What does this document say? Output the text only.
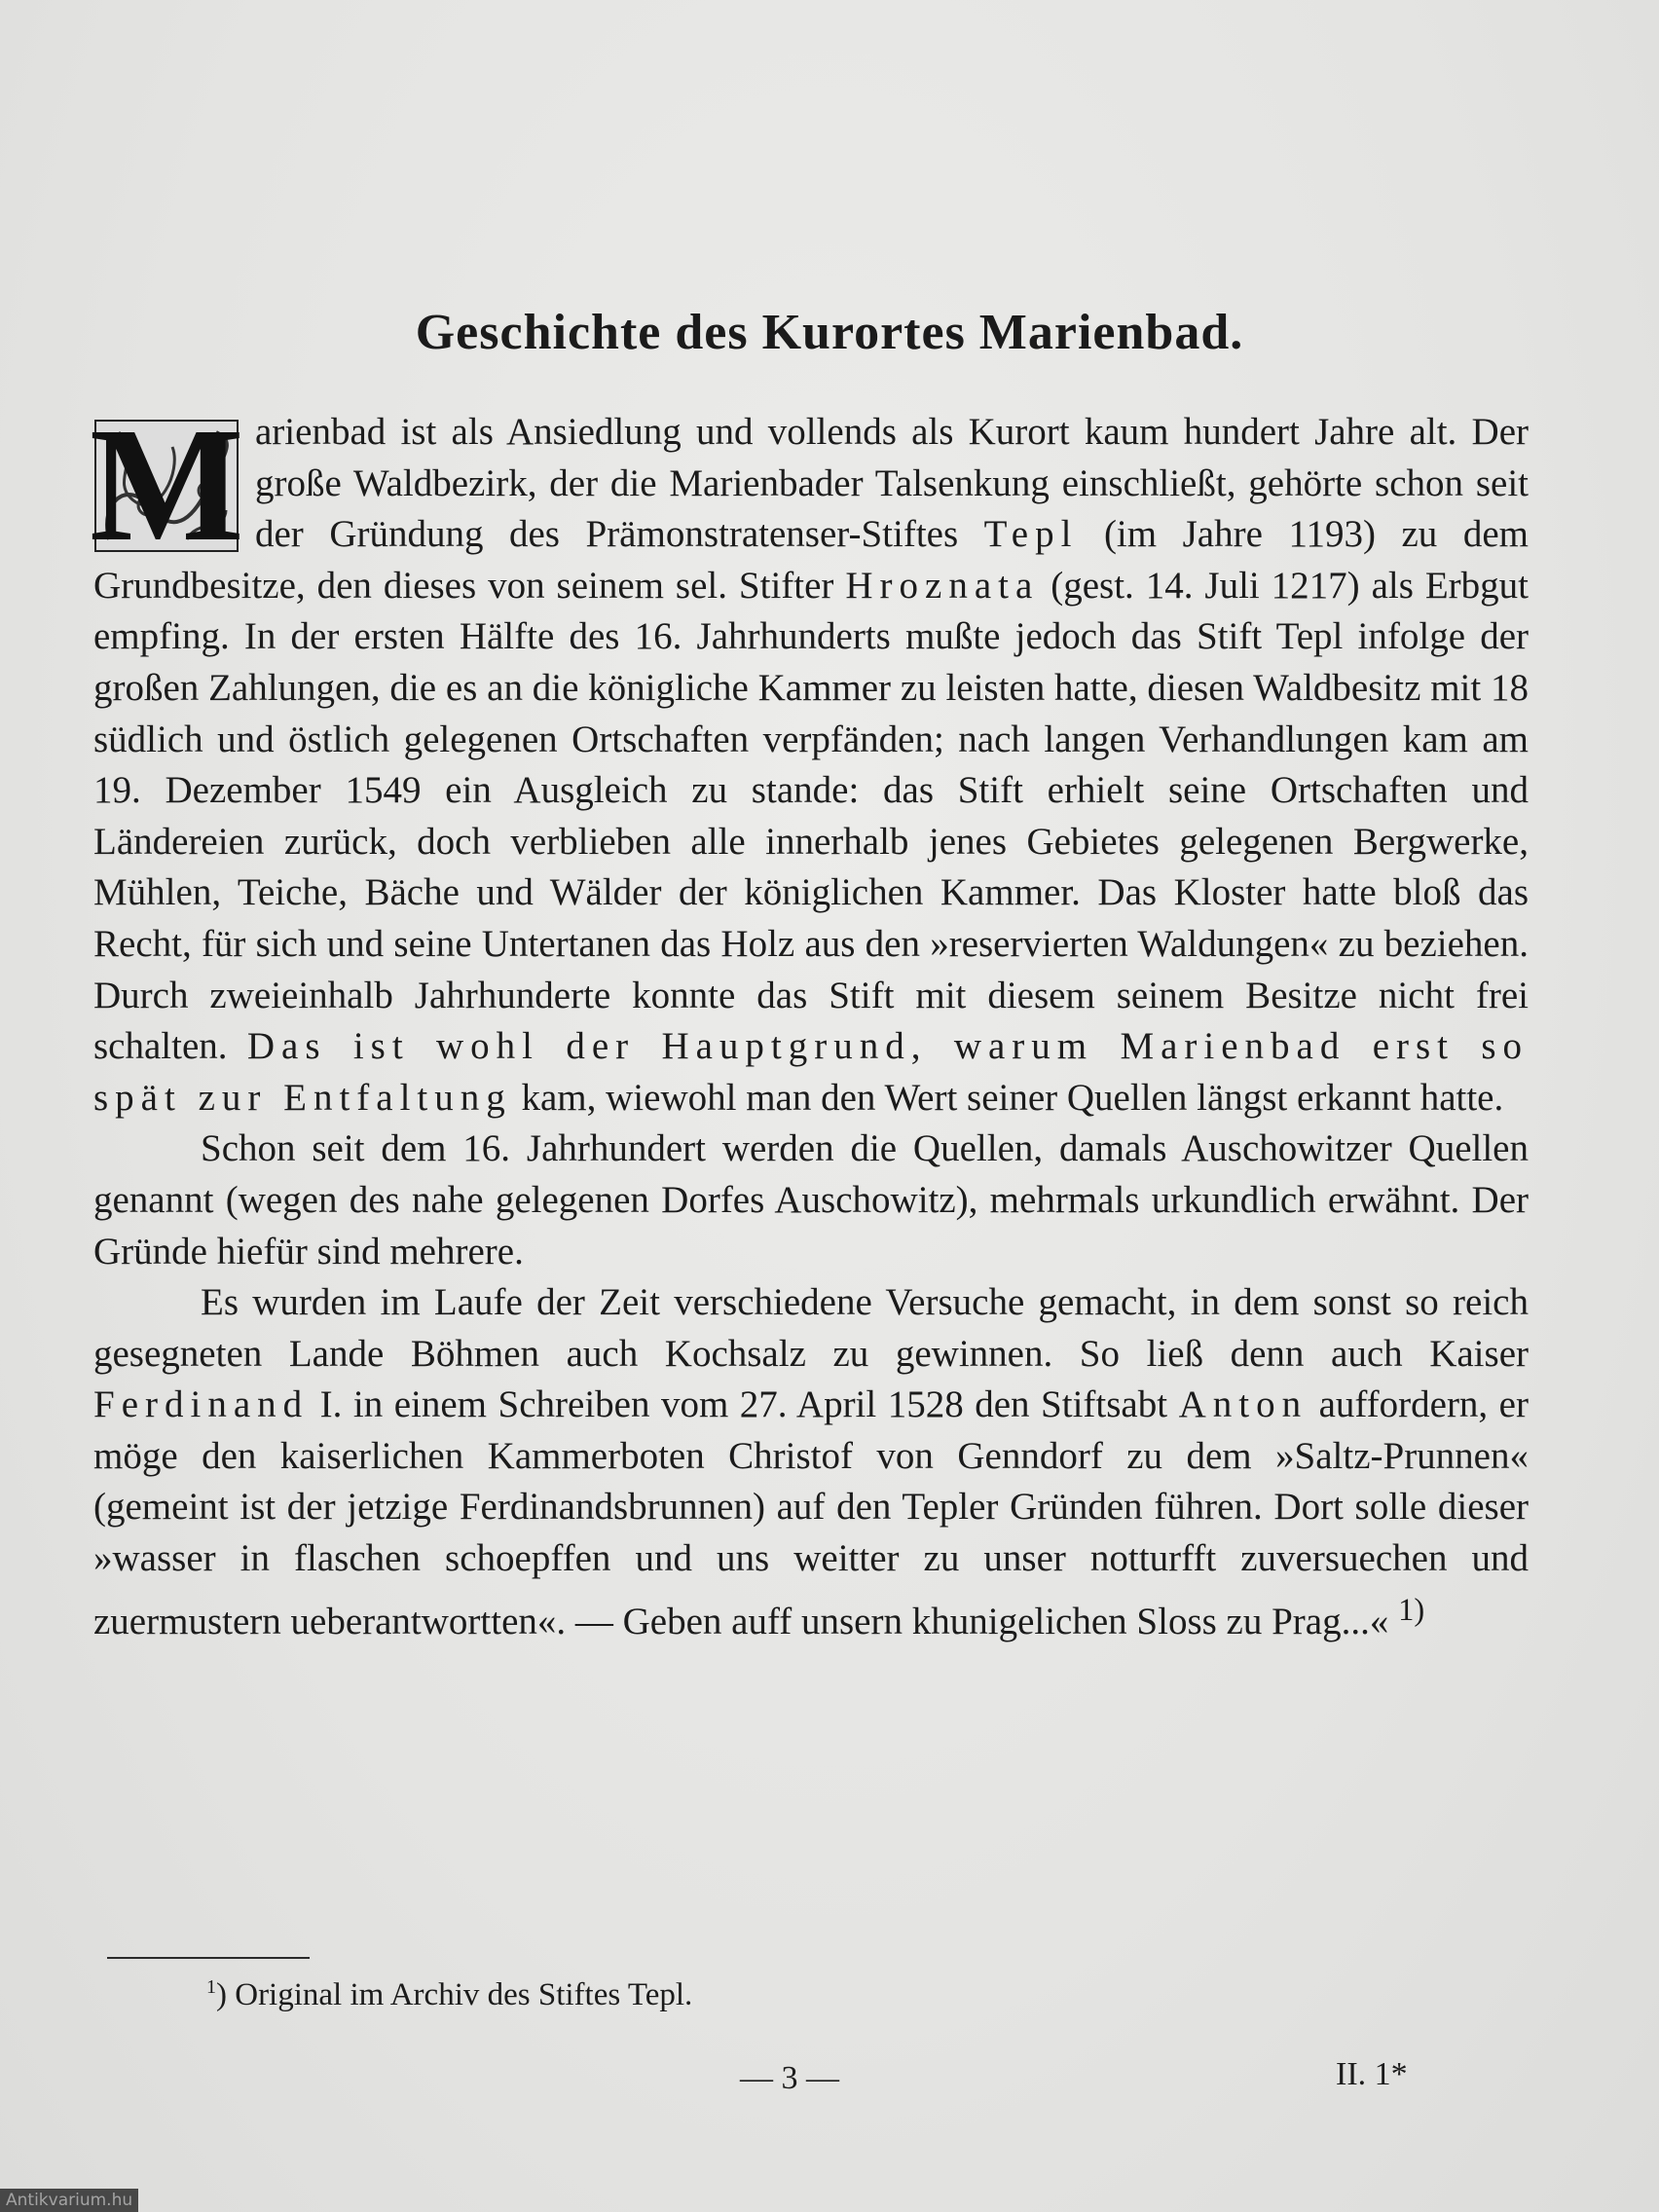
Geschichte des Kurortes Marienbad.

M arienbad ist als Ansiedlung und vollends als Kurort kaum hundert Jahre alt. Der große Waldbezirk, der die Marienbader Talsenkung einschließt, gehörte schon seit der Gründung des Prämonstratenser-Stiftes Tepl (im Jahre 1193) zu dem Grundbesitze, den dieses von seinem sel. Stifter Hroznata (gest. 14. Juli 1217) als Erbgut empfing. In der ersten Hälfte des 16. Jahrhunderts mußte jedoch das Stift Tepl infolge der großen Zahlungen, die es an die königliche Kammer zu leisten hatte, diesen Waldbesitz mit 18 südlich und östlich gelegenen Ortschaften verpfänden; nach langen Verhandlungen kam am 19. Dezember 1549 ein Ausgleich zu stande: das Stift erhielt seine Ortschaften und Ländereien zurück, doch verblieben alle innerhalb jenes Gebietes gelegenen Bergwerke, Mühlen, Teiche, Bäche und Wälder der königlichen Kammer. Das Kloster hatte bloß das Recht, für sich und seine Untertanen das Holz aus den »reservierten Waldungen« zu beziehen. Durch zweieinhalb Jahrhunderte konnte das Stift mit diesem seinem Besitze nicht frei schalten. Das ist wohl der Hauptgrund, warum Marienbad erst so spät zur Entfaltung kam, wiewohl man den Wert seiner Quellen längst erkannt hatte.

Schon seit dem 16. Jahrhundert werden die Quellen, damals Auschowitzer Quellen genannt (wegen des nahe gelegenen Dorfes Auschowitz), mehrmals urkundlich erwähnt. Der Gründe hiefür sind mehrere.

Es wurden im Laufe der Zeit verschiedene Versuche gemacht, in dem sonst so reich gesegneten Lande Böhmen auch Kochsalz zu gewinnen. So ließ denn auch Kaiser Ferdinand I. in einem Schreiben vom 27. April 1528 den Stiftsabt Anton auffordern, er möge den kaiserlichen Kammerboten Christof von Genndorf zu dem »Saltz-Prunnen« (gemeint ist der jetzige Ferdinandsbrunnen) auf den Tepler Gründen führen. Dort solle dieser »wasser in flaschen schoepffen und uns weitter zu unser notturfft zuversuechen und zuermustern ueberantwortten«. — Geben auff unsern khunigelichen Sloss zu Prag...« $^{1)}$

$^1$) Original im Archiv des Stiftes Tepl.
— 3 —	II. 1*
Antikvarium.hu
